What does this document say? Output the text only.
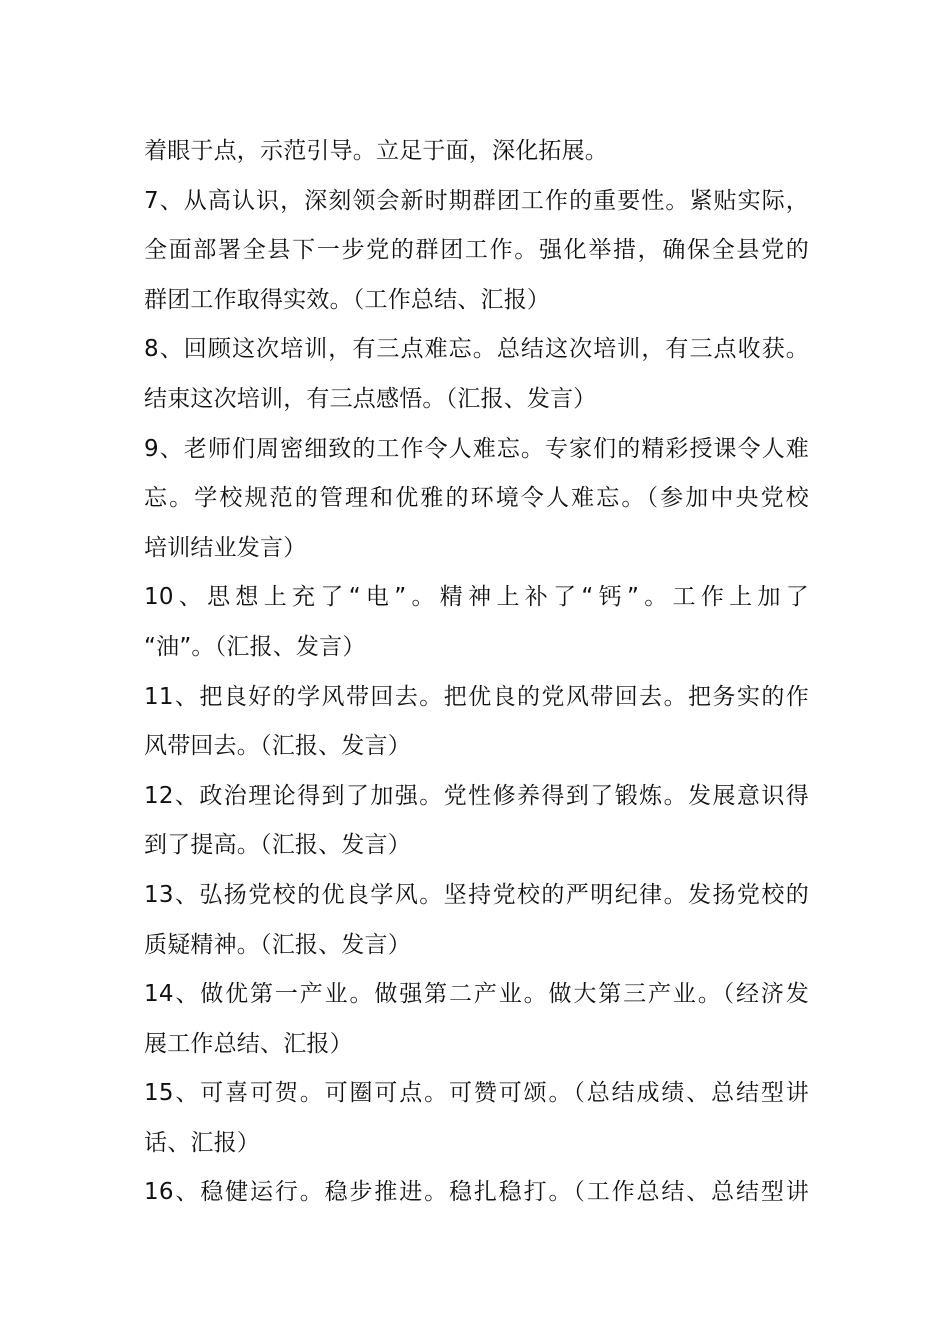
着眼于点，示范引导。立足于面，深化拓展。
7、从高认识，深刻领会新时期群团工作的重要性。紧贴实际，
全面部署全县下一步党的群团工作。强化举措，确保全县党的
群团工作取得实效。（工作总结、汇报）
8、回顾这次培训，有三点难忘。总结这次培训，有三点收获。
结束这次培训，有三点感悟。（汇报、发言）
9、老师们周密细致的工作令人难忘。专家们的精彩授课令人难
忘。学校规范的管理和优雅的环境令人难忘。（参加中央党校
培训结业发言）
10、思想上充了“电”。精神上补了“钙”。工作上加了
“油”。（汇报、发言）
11、把良好的学风带回去。把优良的党风带回去。把务实的作
风带回去。（汇报、发言）
12、政治理论得到了加强。党性修养得到了锻炼。发展意识得
到了提高。（汇报、发言）
13、弘扬党校的优良学风。坚持党校的严明纪律。发扬党校的
质疑精神。（汇报、发言）
14、做优第一产业。做强第二产业。做大第三产业。（经济发
展工作总结、汇报）
15、可喜可贺。可圈可点。可赞可颂。（总结成绩、总结型讲
话、汇报）
16、稳健运行。稳步推进。稳扎稳打。（工作总结、总结型讲
